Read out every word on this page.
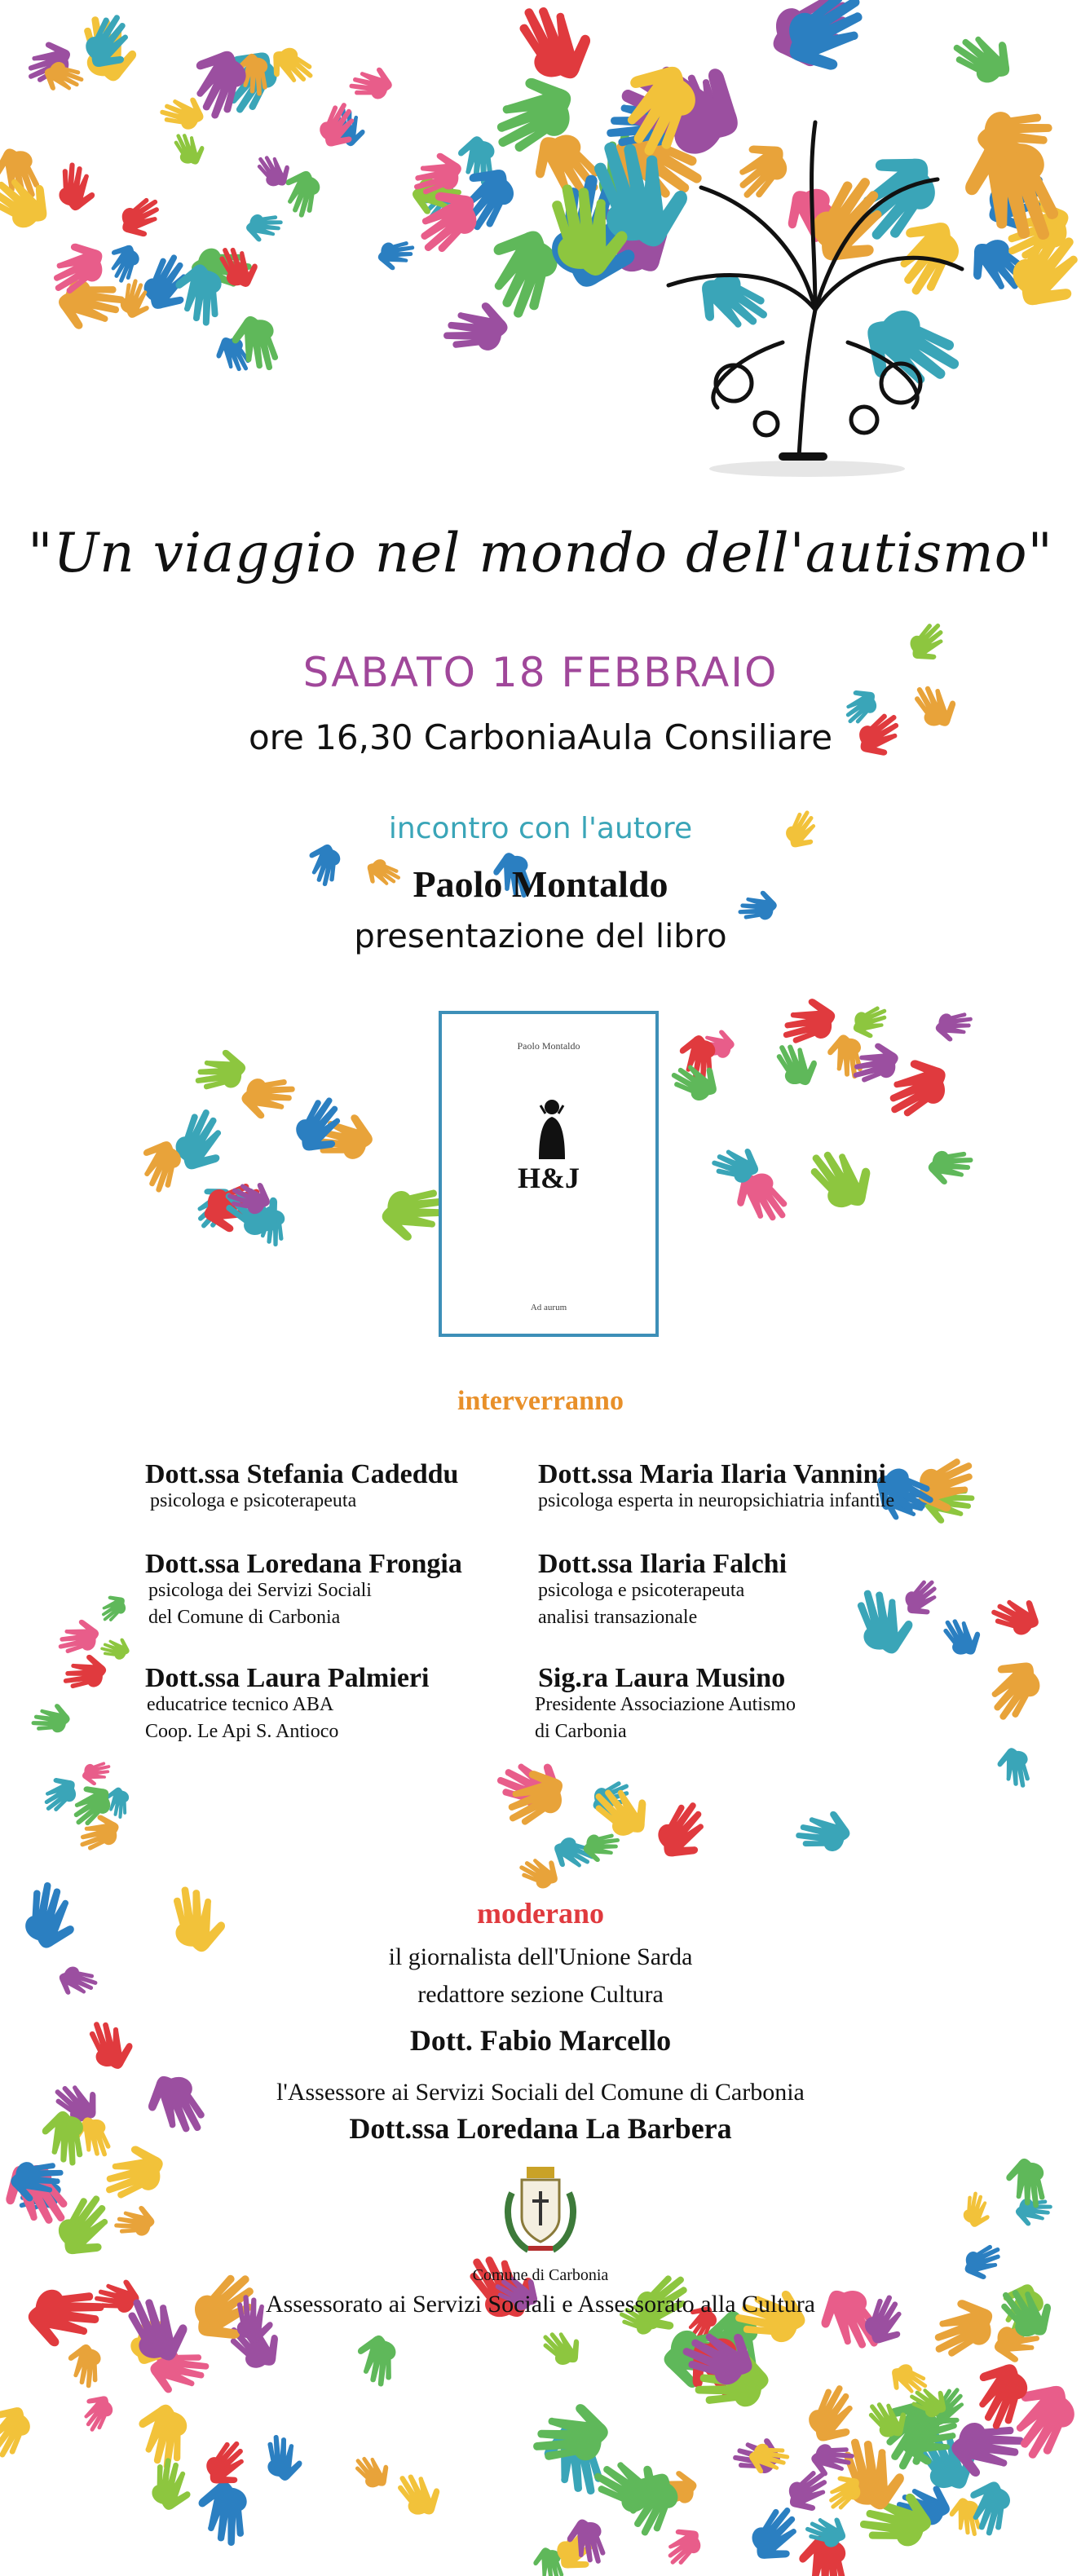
"Un viaggio nel mondo dell'autismo"
SABATO 18 FEBBRAIO
ore 16,30 CarboniaAula Consiliare
incontro con l'autore
Paolo Montaldo
presentazione del libro
Paolo Montaldo
H&J
Ad aurum
interverranno
Dott.ssa Stefania Cadeddu
psicologa e psicoterapeuta
Dott.ssa Loredana Frongia
psicologa dei Servizi Sociali
del Comune di Carbonia
Dott.ssa Laura Palmieri
educatrice tecnico ABA
Coop. Le Api S. Antioco
Dott.ssa Maria Ilaria Vannini
psicologa esperta in neuropsichiatria infantile
Dott.ssa Ilaria Falchi
psicologa e psicoterapeuta
analisi transazionale
Sig.ra Laura Musino
Presidente Associazione Autismo
di Carbonia
moderano
il giornalista dell'Unione Sarda
redattore sezione Cultura
Dott. Fabio Marcello
l'Assessore ai Servizi Sociali del Comune di Carbonia
Dott.ssa Loredana La Barbera
Comune di Carbonia
Assessorato ai Servizi Sociali e Assessorato alla Cultura
